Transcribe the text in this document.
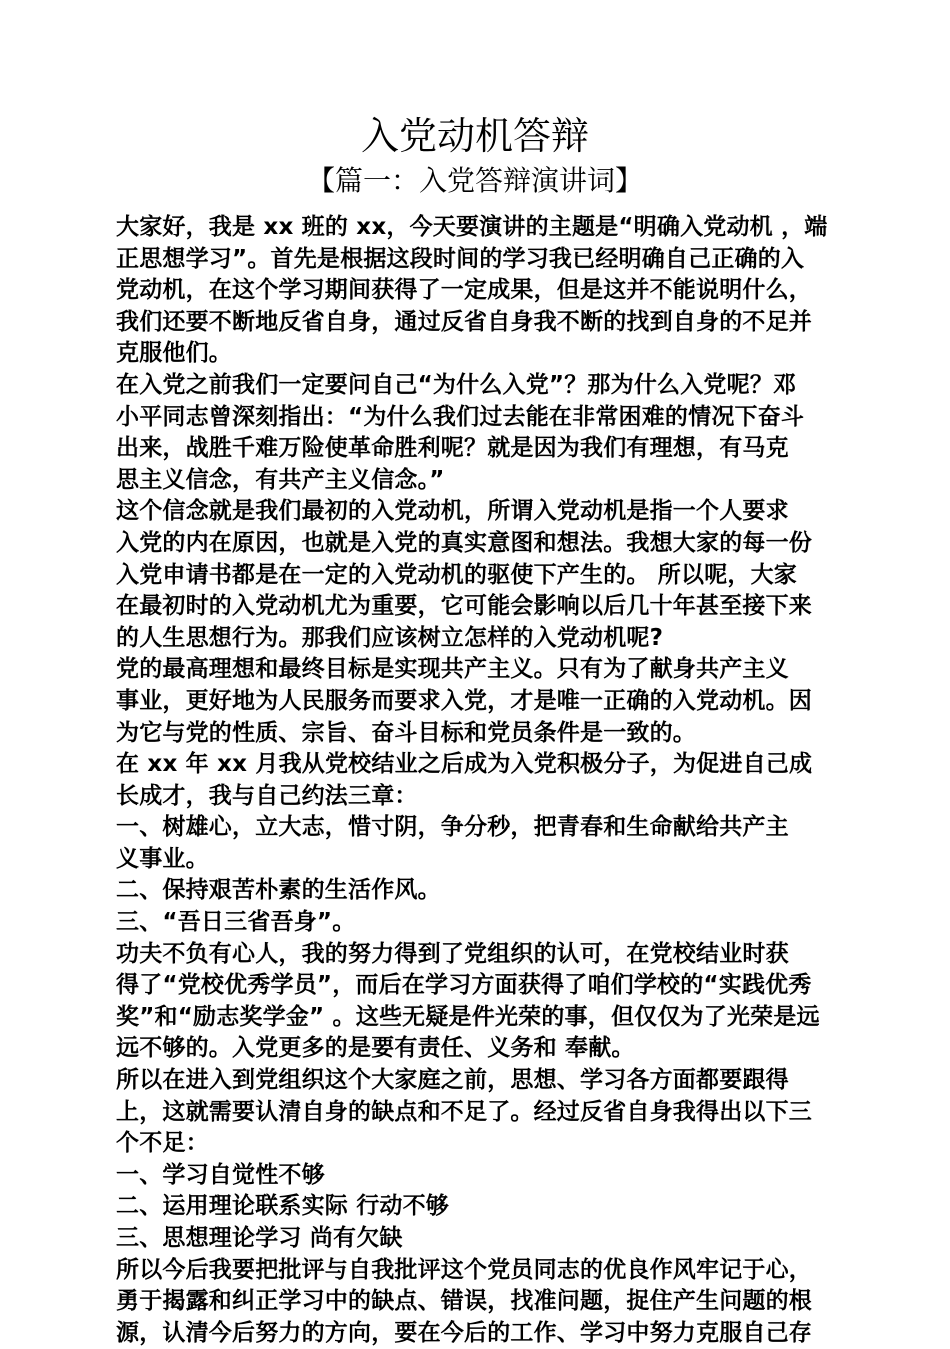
入党动机答辩
【篇一：入党答辩演讲词】
大家好，我是 xx 班的 xx，今天要演讲的主题是“明确入党动机 ，端
正思想学习”。首先是根据这段时间的学习我已经明确自己正确的入
党动机，在这个学习期间获得了一定成果，但是这并不能说明什么，
我们还要不断地反省自身，通过反省自身我不断的找到自身的不足并
克服他们。
在入党之前我们一定要问自己“为什么入党”？那为什么入党呢？邓
小平同志曾深刻指出：“为什么我们过去能在非常困难的情况下奋斗
出来，战胜千难万险使革命胜利呢？就是因为我们有理想，有马克
思主义信念，有共产主义信念。”
这个信念就是我们最初的入党动机，所谓入党动机是指一个人要求
入党的内在原因，也就是入党的真实意图和想法。我想大家的每一份
入党申请书都是在一定的入党动机的驱使下产生的。 所以呢，大家
在最初时的入党动机尤为重要，它可能会影响以后几十年甚至接下来
的人生思想行为。那我们应该树立怎样的入党动机呢?
党的最高理想和最终目标是实现共产主义。只有为了献身共产主义
事业，更好地为人民服务而要求入党，才是唯一正确的入党动机。因
为它与党的性质、宗旨、奋斗目标和党员条件是一致的。
在 xx 年 xx 月我从党校结业之后成为入党积极分子，为促进自己成
长成才，我与自己约法三章：
一、树雄心，立大志，惜寸阴，争分秒，把青春和生命献给共产主
义事业。
二、保持艰苦朴素的生活作风。
三、“吾日三省吾身”。
功夫不负有心人，我的努力得到了党组织的认可，在党校结业时获
得了“党校优秀学员”，而后在学习方面获得了咱们学校的“实践优秀
奖”和“励志奖学金” 。这些无疑是件光荣的事，但仅仅为了光荣是远
远不够的。入党更多的是要有责任、义务和 奉献。
所以在进入到党组织这个大家庭之前，思想、学习各方面都要跟得
上，这就需要认清自身的缺点和不足了。经过反省自身我得出以下三
个不足：
一、学习自觉性不够
二、运用理论联系实际 行动不够
三、思想理论学习 尚有欠缺
所以今后我要把批评与自我批评这个党员同志的优良作风牢记于心，
勇于揭露和纠正学习中的缺点、错误，找准问题，捉住产生问题的根
源，认清今后努力的方向，要在今后的工作、学习中努力克服自己存
